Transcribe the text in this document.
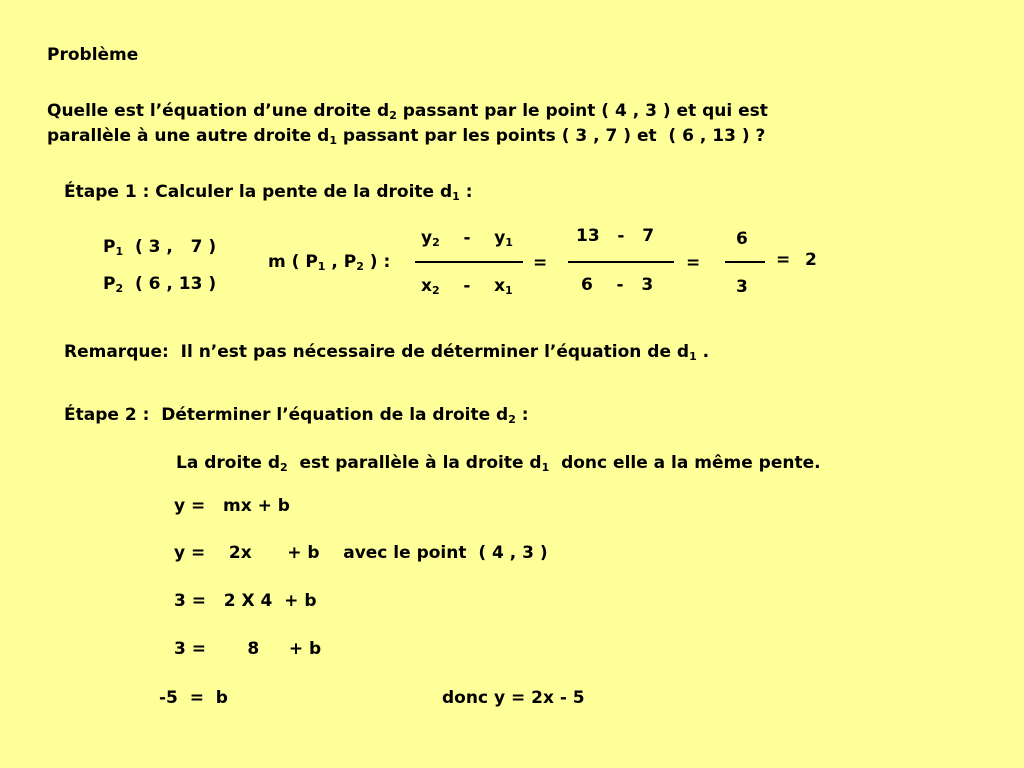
Problème
Quelle est l’équation d’une droite $d_2$ passant par le point ( 4 , 3 ) et qui est
parallèle à une autre droite $d_1$ passant par les points ( 3 , 7 ) et  ( 6 , 13 ) ?
Étape 1 : Calculer la pente de la droite $d_1$ :
$P_1$  ( 3 ,   7 )
$P_2$  ( 6 , 13 )
m ( $P_1$ , $P_2$ ) :
$y_2 - y_1$
$x_2 - x_1$
=
13   -   7
6    -   3
=
6
3
= 2
Remarque:  Il n’est pas nécessaire de déterminer l’équation de $d_1$ .
Étape 2 :  Déterminer l’équation de la droite $d_2$ :
La droite $d_2$  est parallèle à la droite $d_1$  donc elle a la même pente.
y =   mx + b
y =    2x      + b    avec le point  ( 4 , 3 )
3 =   2 X 4  + b
3 =       8     + b
-5  =  b	donc y = 2x - 5
